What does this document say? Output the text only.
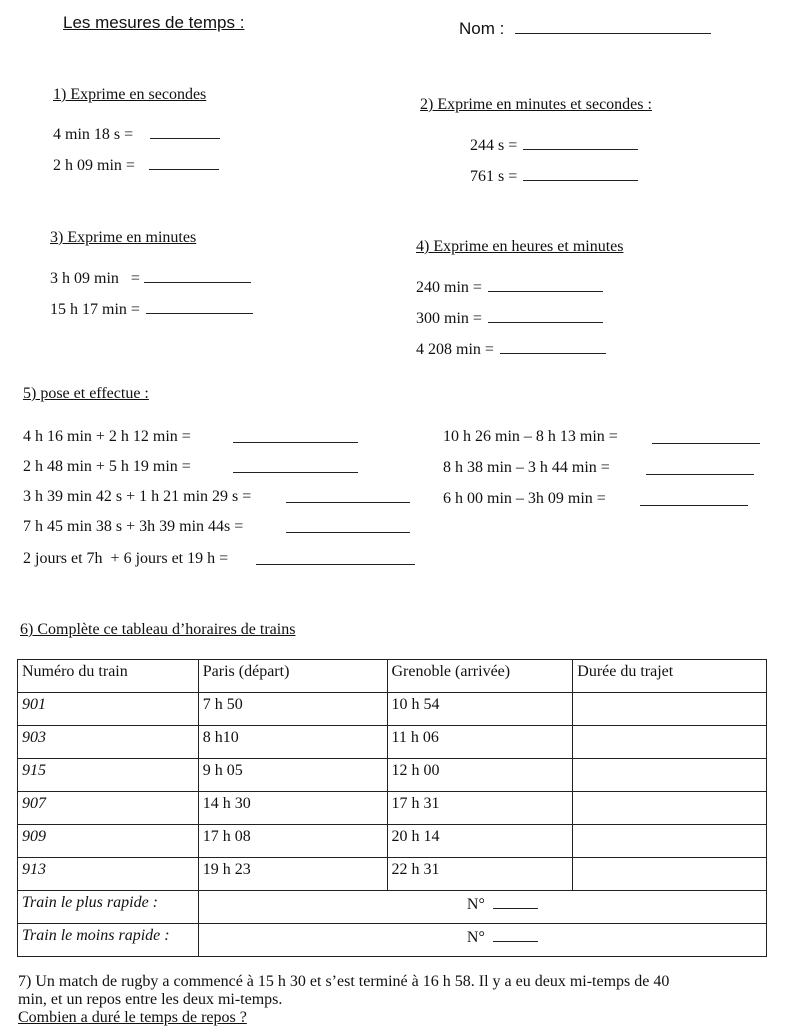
Les mesures de temps :	Nom :
1) Exprime en secondes
4 min 18 s =
2 h 09 min =
2) Exprime en minutes et secondes :
244 s =
761 s =
3) Exprime en minutes
3 h 09 min   =
15 h 17 min =
4) Exprime en heures et minutes
240 min =
300 min =
4 208 min =
5) pose et effectue :
4 h 16 min + 2 h 12 min =
2 h 48 min + 5 h 19 min =
3 h 39 min 42 s + 1 h 21 min 29 s =
7 h 45 min 38 s + 3h 39 min 44s =
2 jours et 7h  + 6 jours et 19 h =
10 h 26 min – 8 h 13 min =
8 h 38 min – 3 h 44 min =
6 h 00 min – 3h 09 min =
6) Complète ce tableau d’horaires de trains
Numéro du train	Paris (départ)	Grenoble (arrivée)	Durée du trajet
901	7 h 50	10 h 54	
903	8 h10	11 h 06	
915	9 h 05	12 h 00	
907	14 h 30	17 h 31	
909	17 h 08	20 h 14	
913	19 h 23	22 h 31	
Train le plus rapide :	N°		
Train le moins rapide :	N°		
7) Un match de rugby a commencé à 15 h 30 et s’est terminé à 16 h 58. Il y a eu deux mi-temps de 40
min, et un repos entre les deux mi-temps.
Combien a duré le temps de repos ?
